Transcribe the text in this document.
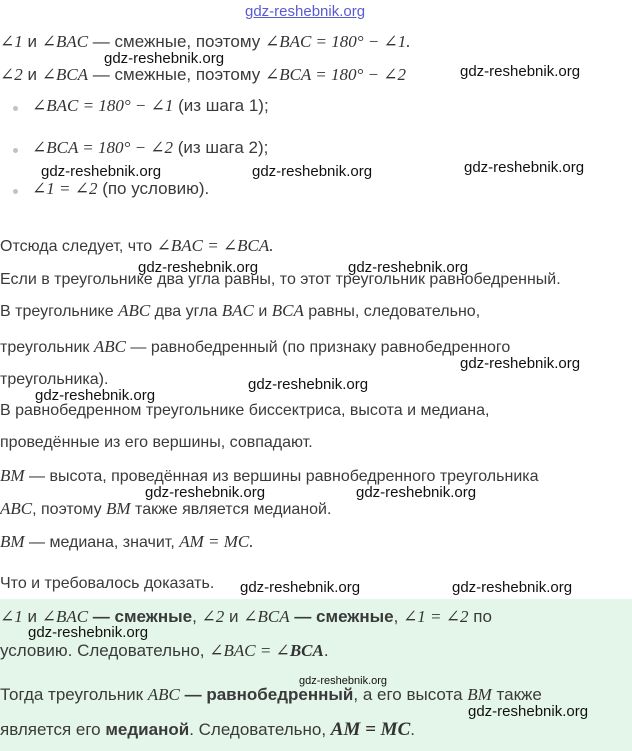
gdz-reshebnik.org
∠1 и ∠BAC — смежные, поэтому ∠BAC = 180° − ∠1.
∠2 и ∠BCA — смежные, поэтому ∠BCA = 180° − ∠2
∠BAC = 180° − ∠1 (из шага 1);
∠BCA = 180° − ∠2 (из шага 2);
∠1 = ∠2 (по условию).
Отсюда следует, что ∠BAC = ∠BCA.
Если в треугольнике два угла равны, то этот треугольник равнобедренный.
В треугольнике ABC два угла BAC и BCA равны, следовательно,
треугольник ABC — равнобедренный (по признаку равнобедренного
треугольника).
В равнобедренном треугольнике биссектриса, высота и медиана,
проведённые из его вершины, совпадают.
BM — высота, проведённая из вершины равнобедренного треугольника
ABC, поэтому BM также является медианой.
BM — медиана, значит, AM = MC.
Что и требовалось доказать.
∠1 и ∠BAC — смежные, ∠2 и ∠BCA — смежные, ∠1 = ∠2 по
условию. Следовательно, ∠BAC = ∠BCA.
Тогда треугольник ABC — равнобедренный, а его высота BM также
является его медианой. Следовательно, AM = MC.
gdz-reshebnik.org
gdz-reshebnik.org
gdz-reshebnik.org	gdz-reshebnik.org	gdz-reshebnik.org
gdz-reshebnik.org	gdz-reshebnik.org
gdz-reshebnik.org
gdz-reshebnik.org
gdz-reshebnik.org
gdz-reshebnik.org	gdz-reshebnik.org
gdz-reshebnik.org	gdz-reshebnik.org
gdz-reshebnik.org
gdz-reshebnik.org
gdz-reshebnik.org
